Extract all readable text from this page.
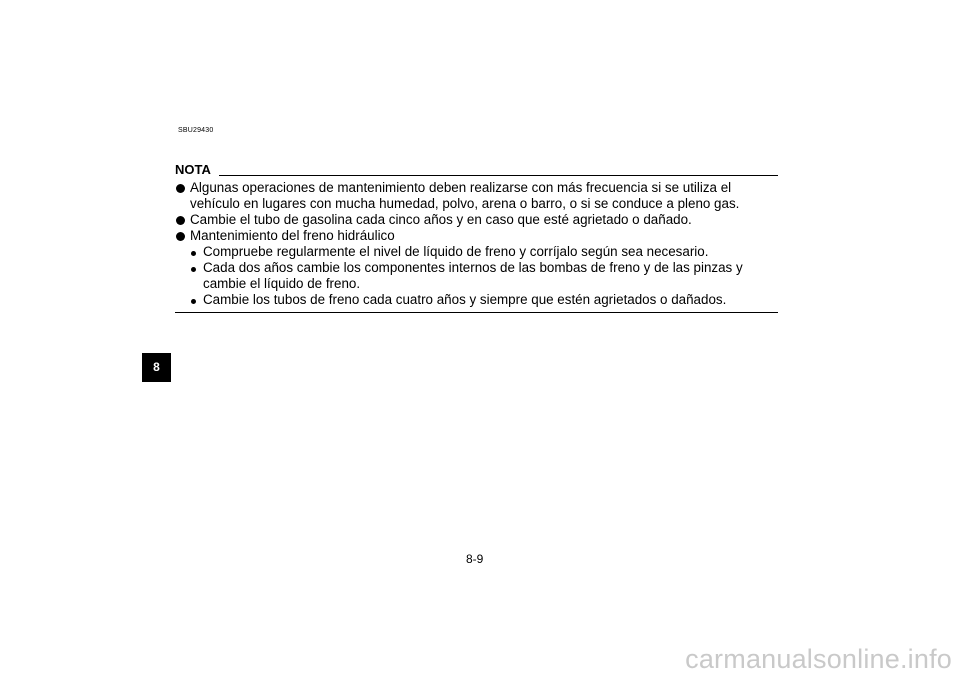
SBU29430
NOTA
Algunas operaciones de mantenimiento deben realizarse con más frecuencia si se utiliza el vehículo en lugares con mucha humedad, polvo, arena o barro, o si se conduce a pleno gas.
Cambie el tubo de gasolina cada cinco años y en caso que esté agrietado o dañado.
Mantenimiento del freno hidráulico
Compruebe regularmente el nivel de líquido de freno y corríjalo según sea necesario.
Cada dos años cambie los componentes internos de las bombas de freno y de las pinzas y cambie el líquido de freno.
Cambie los tubos de freno cada cuatro años y siempre que estén agrietados o dañados.
8
8-9
carmanualsonline.info
